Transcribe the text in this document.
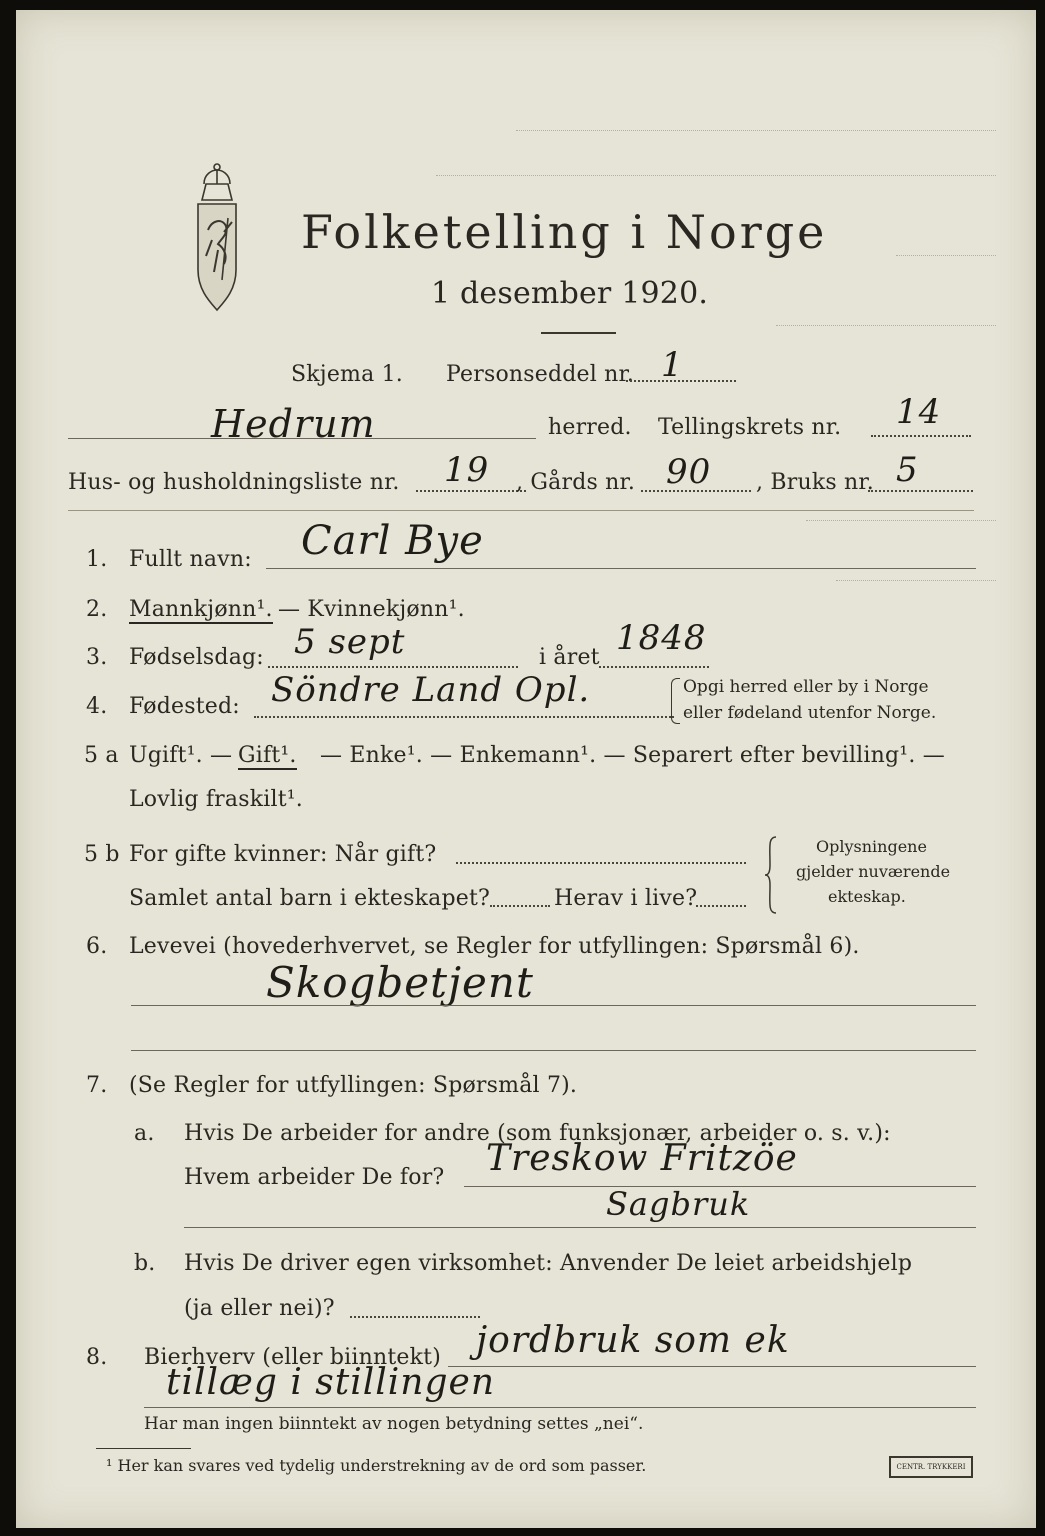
Folketelling i Norge
1 desember 1920.
Skjema 1. Personseddel nr. 1
Hedrum	herred. Tellingskrets nr. 14
Hus- og husholdningsliste nr. 19 , Gårds nr. 90 , Bruks nr. 5
1. Fullt navn: Carl Bye
2. Mannkjønn¹. — Kvinnekjønn¹.
3. Fødselsdag: 5 sept	i året 1848
4. Fødested: Söndre Land Opl.	Opgi herred eller by i Norge
eller fødeland utenfor Norge.
5 a Ugift¹. — Gift¹. — Enke¹. — Enkemann¹. — Separert efter bevilling¹. —
Lovlig fraskilt¹.
5 b For gifte kvinner: Når gift?
Samlet antal barn i ekteskapet?	Herav i live?
Oplysningene
gjelder nuværende
ekteskap.
6. Levevei (hovederhvervet, se Regler for utfyllingen: Spørsmål 6).
Skogbetjent
7. (Se Regler for utfyllingen: Spørsmål 7).
a. Hvis De arbeider for andre (som funksjonær, arbeider o. s. v.):
Hvem arbeider De for? Treskow Fritzöe
Sagbruk
b. Hvis De driver egen virksomhet: Anvender De leiet arbeidshjelp
(ja eller nei)?
8. Bierhverv (eller biinntekt) jordbruk som ek
tillæg i stillingen
Har man ingen biinntekt av nogen betydning settes „nei“.
¹ Her kan svares ved tydelig understrekning av de ord som passer.	CENTR. TRYKKERI
